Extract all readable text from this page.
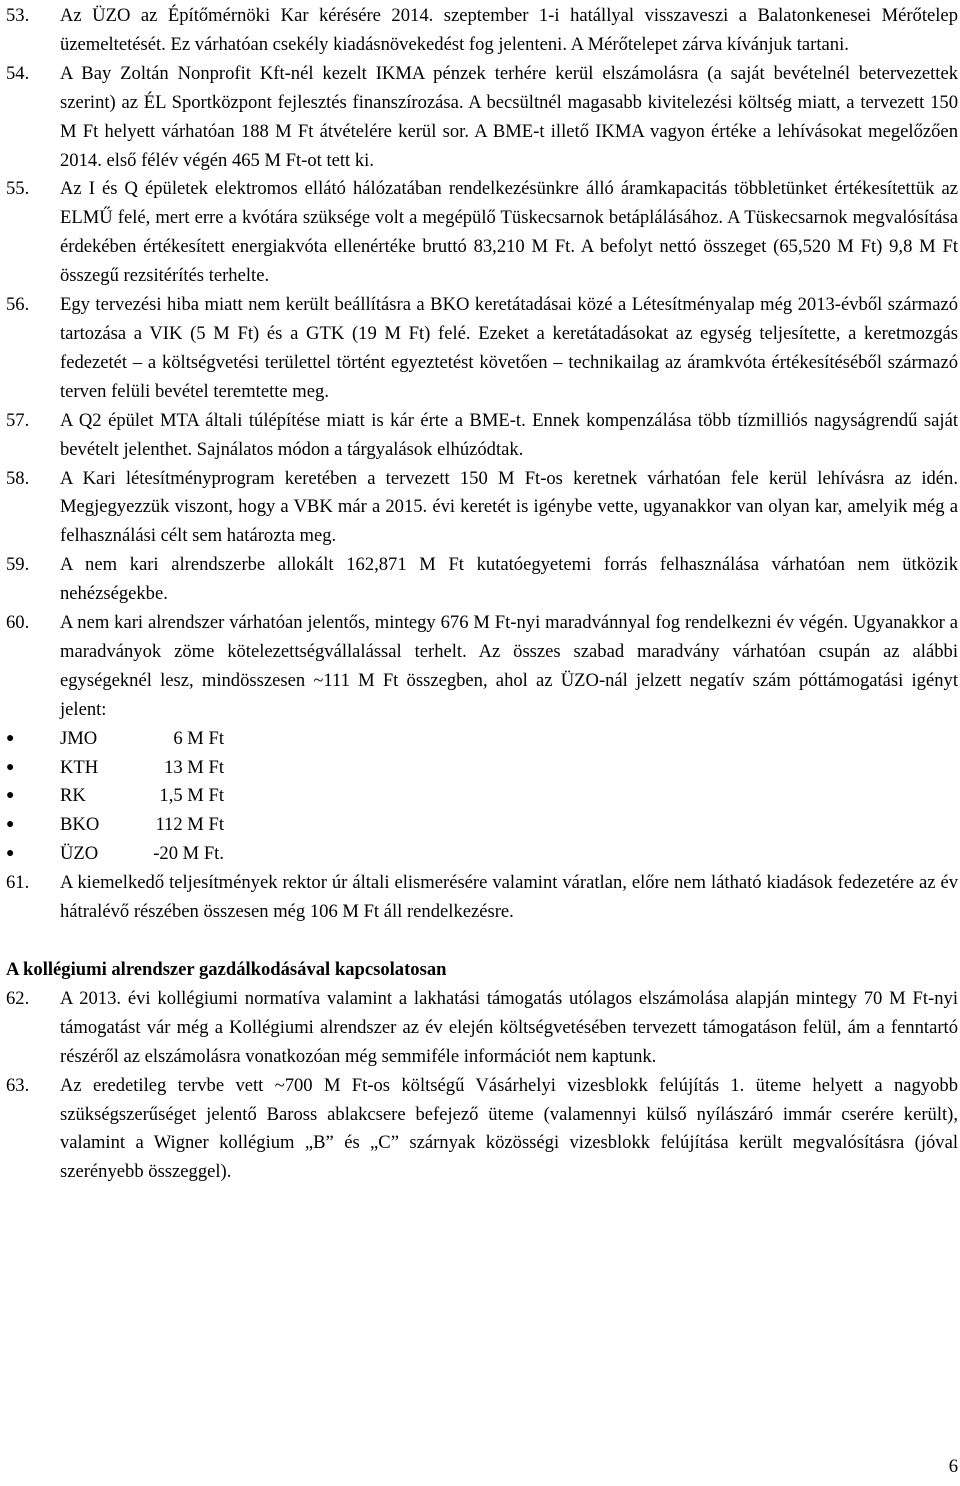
53.	Az ÜZO az Építőmérnöki Kar kérésére 2014. szeptember 1-i hatállyal visszaveszi a Balatonkenesei Mérőtelep üzemeltetését. Ez várhatóan csekély kiadásnövekedést fog jelenteni. A Mérőtelepet zárva kívánjuk tartani.
54.	A Bay Zoltán Nonprofit Kft-nél kezelt IKMA pénzek terhére kerül elszámolásra (a saját bevételnél betervezettek szerint) az ÉL Sportközpont fejlesztés finanszírozása. A becsültnél magasabb kivitelezési költség miatt, a tervezett 150 M Ft helyett várhatóan 188 M Ft átvételére kerül sor. A BME-t illető IKMA vagyon értéke a lehívásokat megelőzően 2014. első félév végén 465 M Ft-ot tett ki.
55.	Az I és Q épületek elektromos ellátó hálózatában rendelkezésünkre álló áramkapacitás többletünket értékesítettük az ELMŰ felé, mert erre a kvótára szüksége volt a megépülő Tüskecsarnok betáplálásához. A Tüskecsarnok megvalósítása érdekében értékesített energiakvóta ellenértéke bruttó 83,210 M Ft. A befolyt nettó összeget (65,520 M Ft) 9,8 M Ft összegű rezsitérítés terhelte.
56.	Egy tervezési hiba miatt nem került beállításra a BKO keretátadásai közé a Létesítményalap még 2013-évből származó tartozása a VIK (5 M Ft) és a GTK (19 M Ft) felé. Ezeket a keretátadásokat az egység teljesítette, a keretmozgás fedezetét – a költségvetési területtel történt egyeztetést követően – technikailag az áramkvóta értékesítéséből származó terven felüli bevétel teremtette meg.
57.	A Q2 épület MTA általi túlépítése miatt is kár érte a BME-t. Ennek kompenzálása több tízmilliós nagyságrendű saját bevételt jelenthet. Sajnálatos módon a tárgyalások elhúzódtak.
58.	A Kari létesítményprogram keretében a tervezett 150 M Ft-os keretnek várhatóan fele kerül lehívásra az idén. Megjegyezzük viszont, hogy a VBK már a 2015. évi keretét is igénybe vette, ugyanakkor van olyan kar, amelyik még a felhasználási célt sem határozta meg.
59.	A nem kari alrendszerbe allokált 162,871 M Ft kutatóegyetemi forrás felhasználása várhatóan nem ütközik nehézségekbe.
60.	A nem kari alrendszer várhatóan jelentős, mintegy 676 M Ft-nyi maradvánnyal fog rendelkezni év végén. Ugyanakkor a maradványok zöme kötelezettségvállalással terhelt. Az összes szabad maradvány várhatóan csupán az alábbi egységeknél lesz, mindösszesen ~111 M Ft összegben, ahol az ÜZO-nál jelzett negatív szám póttámogatási igényt jelent:
●	JMO	6 M Ft
●	KTH	13 M Ft
●	RK	1,5 M Ft
●	BKO	112 M Ft
●	ÜZO	-20 M Ft.
61.	A kiemelkedő teljesítmények rektor úr általi elismerésére valamint váratlan, előre nem látható kiadások fedezetére az év hátralévő részében összesen még 106 M Ft áll rendelkezésre.
A kollégiumi alrendszer gazdálkodásával kapcsolatosan
62.	A 2013. évi kollégiumi normatíva valamint a lakhatási támogatás utólagos elszámolása alapján mintegy 70 M Ft-nyi támogatást vár még a Kollégiumi alrendszer az év elején költségvetésében tervezett támogatáson felül, ám a fenntartó részéről az elszámolásra vonatkozóan még semmiféle információt nem kaptunk.
63.	Az eredetileg tervbe vett ~700 M Ft-os költségű Vásárhelyi vizesblokk felújítás 1. üteme helyett a nagyobb szükségszerűséget jelentő Baross ablakcsere befejező üteme (valamennyi külső nyílászáró immár cserére került), valamint a Wigner kollégium „B” és „C” szárnyak közösségi vizesblokk felújítása került megvalósításra (jóval szerényebb összeggel).
6
